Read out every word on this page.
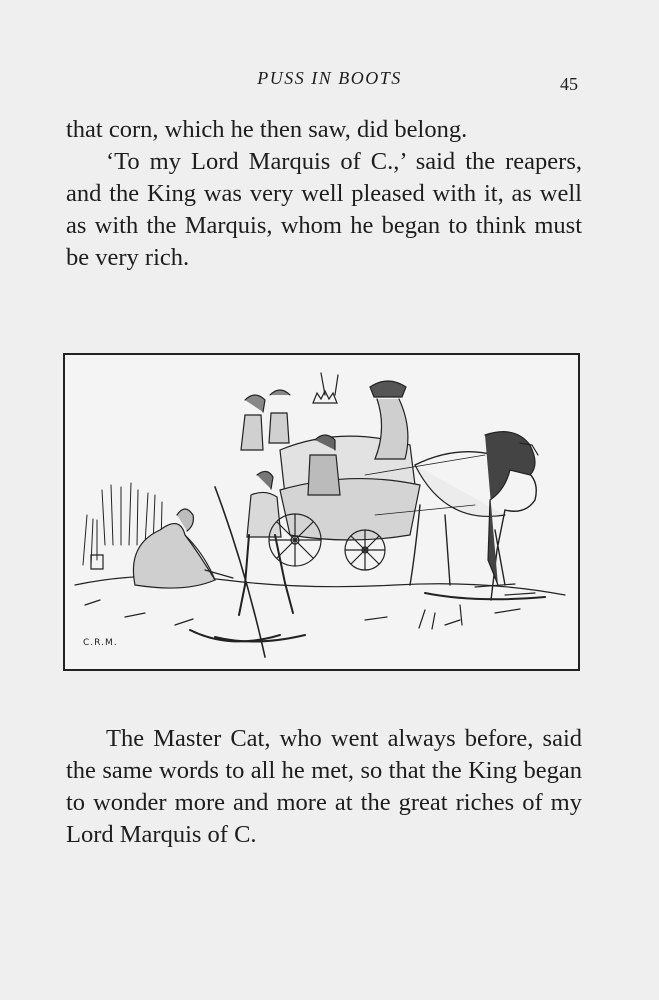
PUSS IN BOOTS	45

that corn, which he then saw, did belong.

‘To my Lord Marquis of C.,’ said the reapers, and the King was very well pleased with it, as well as with the Marquis, whom he began to think must be very rich.

C.R.M.

The Master Cat, who went always before, said the same words to all he met, so that the King began to wonder more and more at the great riches of my Lord Marquis of C.
